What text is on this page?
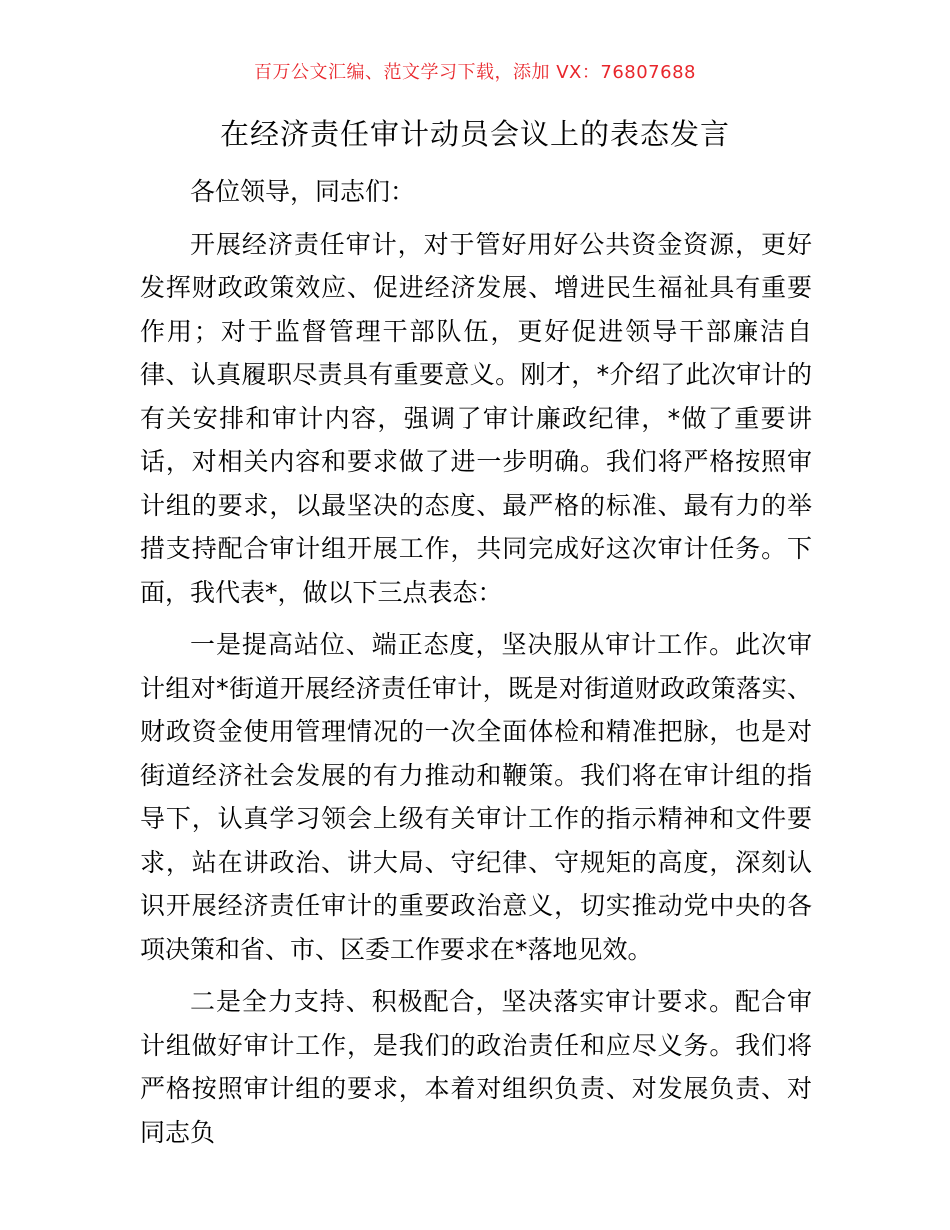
百万公文汇编、范文学习下载，添加 VX：76807688
在经济责任审计动员会议上的表态发言

各位领导，同志们：

开展经济责任审计，对于管好用好公共资金资源，更好发挥财政政策效应、促进经济发展、增进民生福祉具有重要作用；对于监督管理干部队伍，更好促进领导干部廉洁自律、认真履职尽责具有重要意义。刚才，*介绍了此次审计的有关安排和审计内容，强调了审计廉政纪律，*做了重要讲话，对相关内容和要求做了进一步明确。我们将严格按照审计组的要求，以最坚决的态度、最严格的标准、最有力的举措支持配合审计组开展工作，共同完成好这次审计任务。下面，我代表*，做以下三点表态：

一是提高站位、端正态度，坚决服从审计工作。此次审计组对*街道开展经济责任审计，既是对街道财政政策落实、财政资金使用管理情况的一次全面体检和精准把脉，也是对街道经济社会发展的有力推动和鞭策。我们将在审计组的指导下，认真学习领会上级有关审计工作的指示精神和文件要求，站在讲政治、讲大局、守纪律、守规矩的高度，深刻认识开展经济责任审计的重要政治意义，切实推动党中央的各项决策和省、市、区委工作要求在*落地见效。

二是全力支持、积极配合，坚决落实审计要求。配合审计组做好审计工作，是我们的政治责任和应尽义务。我们将严格按照审计组的要求，本着对组织负责、对发展负责、对同志负
